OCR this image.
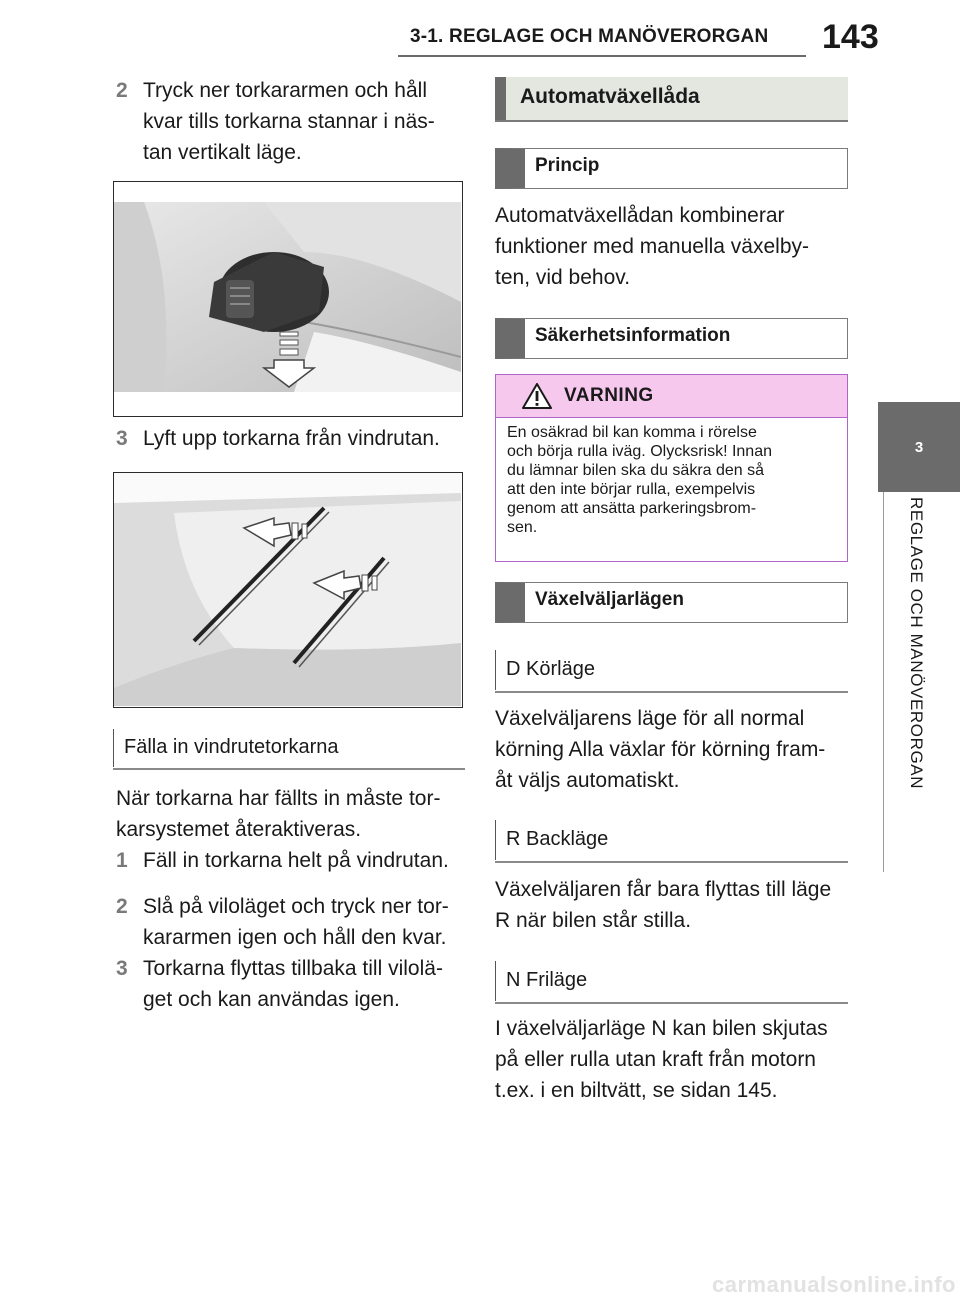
3-1. REGLAGE OCH MANÖVERORGAN 143
3
REGLAGE OCH MANÖVERORGAN
2 Tryck ner torkararmen och håll
kvar tills torkarna stannar i näs-
tan vertikalt läge.
3 Lyft upp torkarna från vindrutan.
Fälla in vindrutetorkarna
När torkarna har fällts in måste tor-
karsystemet återaktiveras.
1 Fäll in torkarna helt på vindrutan.
2 Slå på viloläget och tryck ner tor-
kararmen igen och håll den kvar.
3 Torkarna flyttas tillbaka till vilolä-
get och kan användas igen.
Automatväxellåda
Princip
Automatväxellådan kombinerar
funktioner med manuella växelby-
ten, vid behov.
Säkerhetsinformation
VARNING
En osäkrad bil kan komma i rörelse
och börja rulla iväg. Olycksrisk! Innan
du lämnar bilen ska du säkra den så
att den inte börjar rulla, exempelvis
genom att ansätta parkeringsbrom-
sen.
Växelväljarlägen
D Körläge
Växelväljarens läge för all normal
körning Alla växlar för körning fram-
åt väljs automatiskt.
R Backläge
Växelväljaren får bara flyttas till läge
R när bilen står stilla.
N Friläge
I växelväljarläge N kan bilen skjutas
på eller rulla utan kraft från motorn
t.ex. i en biltvätt, se sidan 145.
carmanualsonline.info
